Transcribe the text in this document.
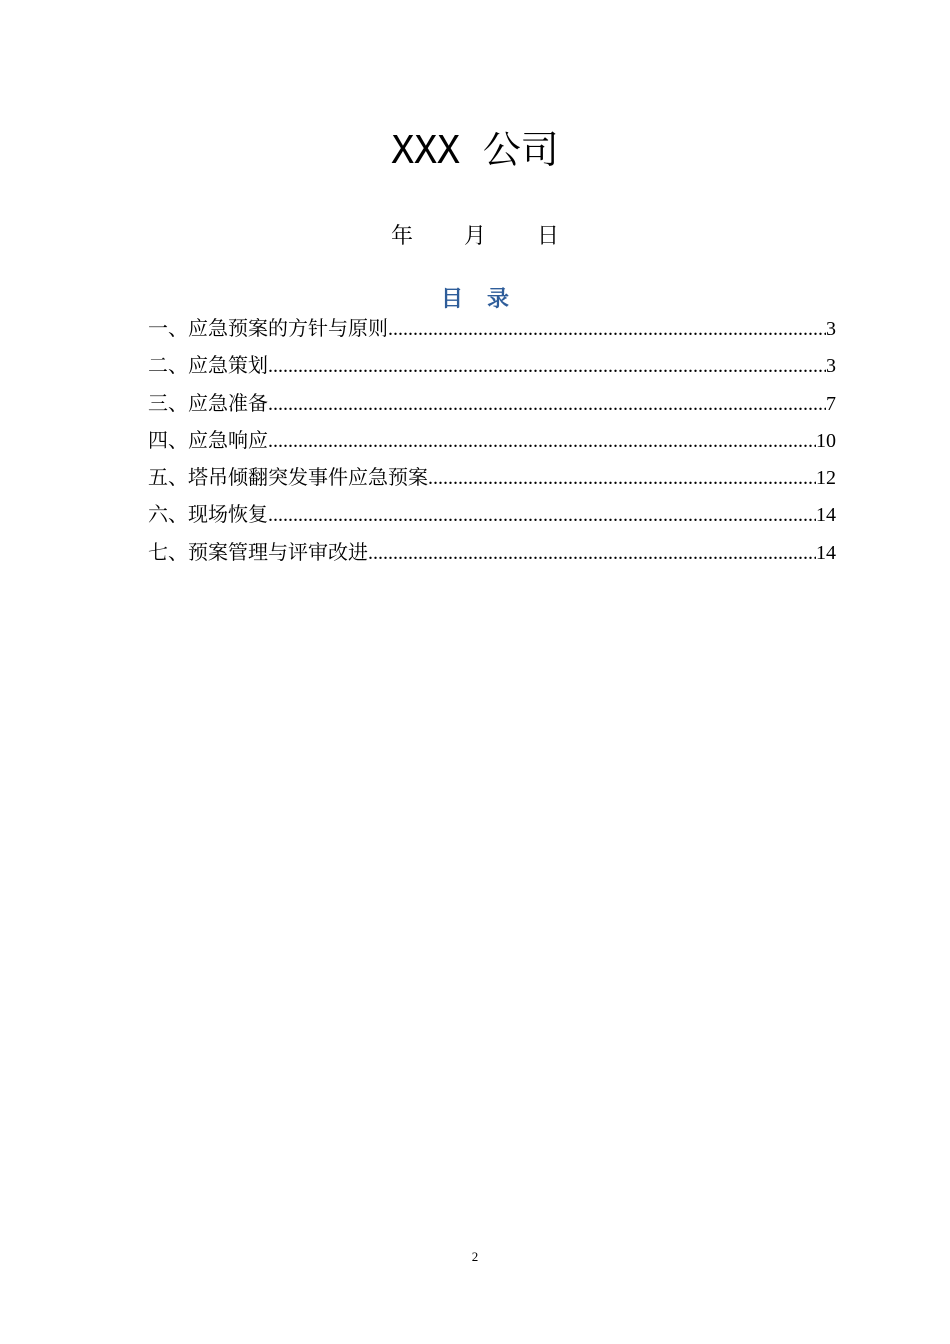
XXX 公司
年 月 日
目录
一、应急预案的方针与原则 .....	3
二、应急策划 .....	3
三、应急准备 .....	7
四、应急响应 .....	10
五、塔吊倾翻突发事件应急预案 .....	12
六、现场恢复 .....	14
七、预案管理与评审改进 .....	14
2
